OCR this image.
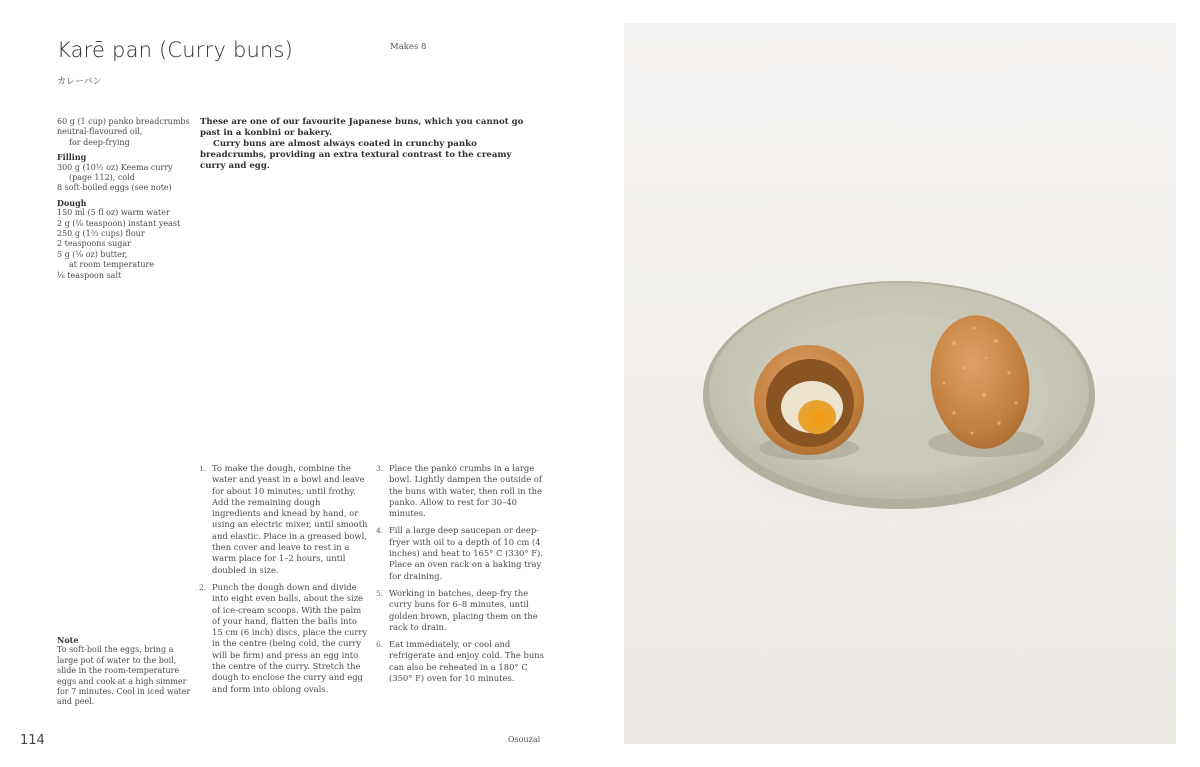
Karē pan (Curry buns)
カレーパン
Makes 8
60 g (1 cup) panko breadcrumbs
neutral-flavoured oil,
for deep-frying
Filling
300 g (10½ oz) Keema curry
(page 112), cold
8 soft-boiled eggs (see note)
Dough
150 ml (5 fl oz) warm water
2 g (⅛ teaspoon) instant yeast
250 g (1⅔ cups) flour
2 teaspoons sugar
5 g (⅛ oz) butter,
at room temperature
⅛ teaspoon salt

These are one of our favourite Japanese buns, which you cannot go past in a konbini or bakery.

Curry buns are almost always coated in crunchy panko breadcrumbs, providing an extra textural contrast to the creamy curry and egg.

1. To make the dough, combine the water and yeast in a bowl and leave for about 10 minutes, until frothy. Add the remaining dough ingredients and knead by hand, or using an electric mixer, until smooth and elastic. Place in a greased bowl, then cover and leave to rest in a warm place for 1–2 hours, until doubled in size.
2. Punch the dough down and divide into eight even balls, about the size of ice-cream scoops. With the palm of your hand, flatten the balls into 15 cm (6 inch) discs, place the curry in the centre (being cold, the curry will be firm) and press an egg into the centre of the curry. Stretch the dough to enclose the curry and egg and form into oblong ovals.
3. Place the panko crumbs in a large bowl. Lightly dampen the outside of the buns with water, then roll in the panko. Allow to rest for 30–40 minutes.
4. Fill a large deep saucepan or deep-fryer with oil to a depth of 10 cm (4 inches) and heat to 165° C (330° F). Place an oven rack on a baking tray for draining.
5. Working in batches, deep-fry the curry buns for 6–8 minutes, until golden brown, placing them on the rack to drain.
6. Eat immediately, or cool and refrigerate and enjoy cold. The buns can also be reheated in a 180° C (350° F) oven for 10 minutes.
Note
To soft-boil the eggs, bring a large pot of water to the boil, slide in the room-temperature eggs and cook at a high simmer for 7 minutes. Cool in iced water and peel.
114	Osouzai
